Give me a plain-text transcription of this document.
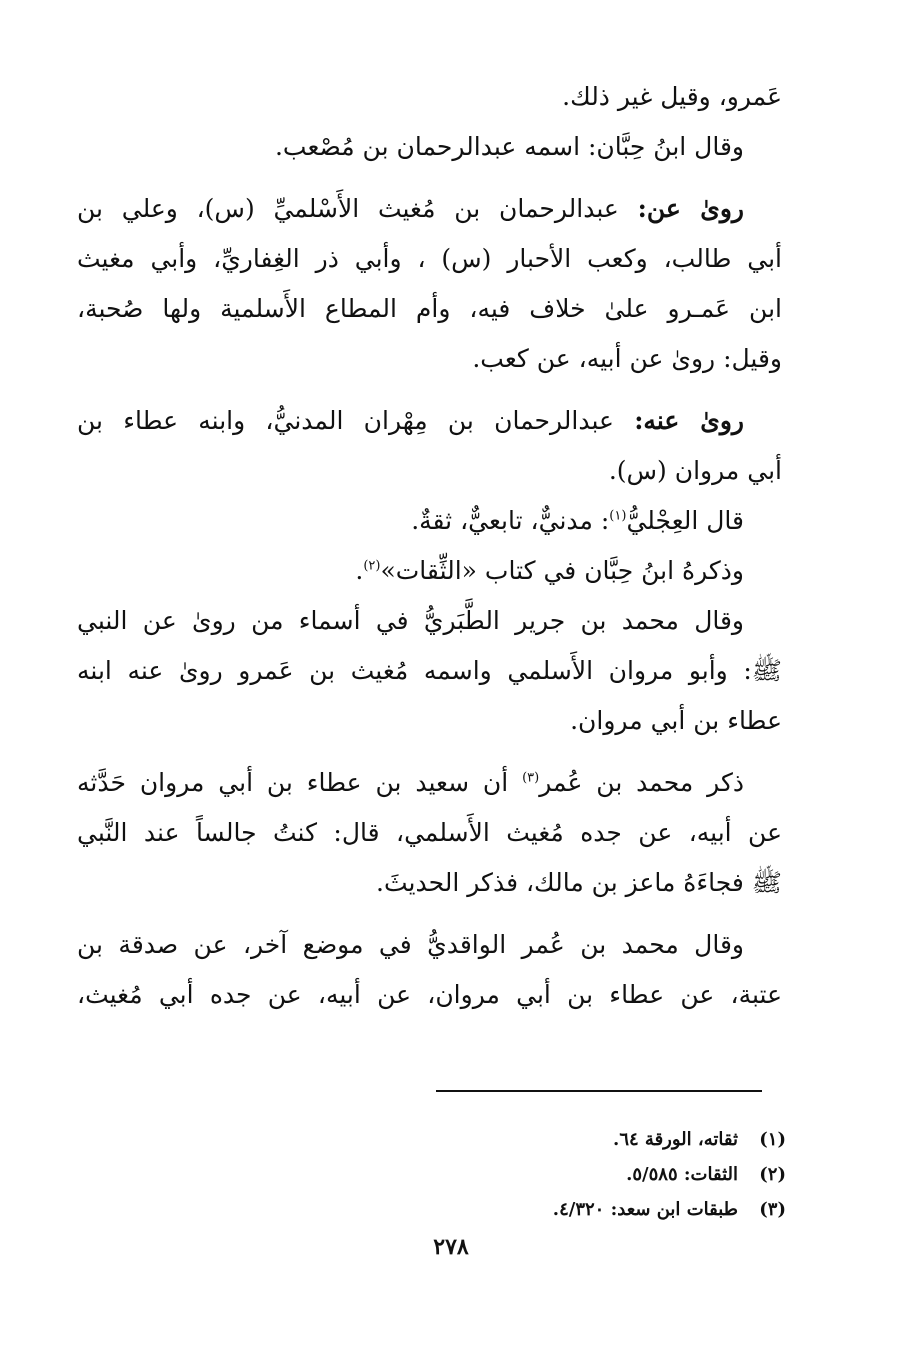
عَمرو، وقيل غير ذلك.

وقال ابنُ حِبَّان: اسمه عبدالرحمان بن مُصْعب.

روىٰ عن: عبدالرحمان بن مُغيث الأَسْلميِّ (س)، وعلي بن

أبي طالب، وكعب الأحبار (س) ، وأبي ذر الغِفاريِّ، وأبي مغيث

ابن عَمـرو علىٰ خلاف فيه، وأم المطاع الأَسلمية ولها صُحبة،

وقيل: روىٰ عن أبيه، عن كعب.

روىٰ عنه: عبدالرحمان بن مِهْران المدنيُّ، وابنه عطاء بن

أبي مروان (س).

قال العِجْليُّ$^{(١)}$: مدنيٌّ، تابعيٌّ، ثقةٌ.

وذكرهُ ابنُ حِبَّان في كتاب «الثِّقات»$^{(٢)}$.

وقال محمد بن جرير الطَّبَريُّ في أسماء من روىٰ عن النبي

ﷺ: وأبو مروان الأَسلمي واسمه مُغيث بن عَمرو روىٰ عنه ابنه

عطاء بن أبي مروان.

ذكر محمد بن عُمر$^{(٣)}$ أن سعيد بن عطاء بن أبي مروان حَدَّثه

عن أبيه، عن جده مُغيث الأَسلمي، قال: كنتُ جالساً عند النَّبي

ﷺ فجاءَهُ ماعز بن مالك، فذكر الحديثَ.

وقال محمد بن عُمر الواقديُّ في موضع آخر، عن صدقة بن

عتبة، عن عطاء بن أبي مروان، عن أبيه، عن جده أبي مُغيث،

(١)ثقاته، الورقة ٦٤.
(٢)الثقات: ٥/٥٨٥.
(٣)طبقات ابن سعد: ٤/٣٢٠.
٢٧٨
